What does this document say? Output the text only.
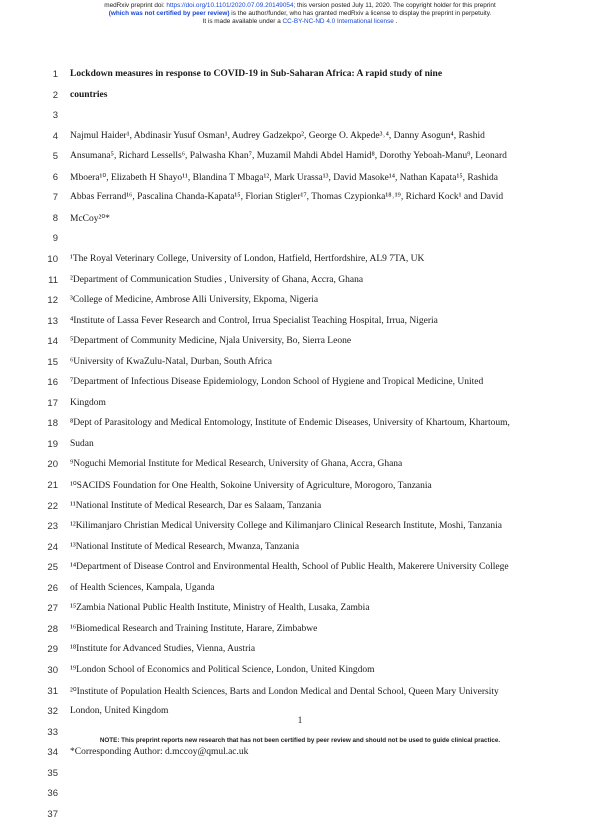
medRxiv preprint doi: https://doi.org/10.1101/2020.07.09.20149054; this version posted July 11, 2020. The copyright holder for this preprint
(which was not certified by peer review) is the author/funder, who has granted medRxiv a license to display the preprint in perpetuity.
It is made available under a CC-BY-NC-ND 4.0 International license .
1 Lockdown measures in response to COVID-19 in Sub-Saharan Africa: A rapid study of nine
2 countries
3
4 Najmul Haider¹, Abdinasir Yusuf Osman¹, Audrey Gadzekpo², George O. Akpede³˒⁴, Danny Asogun⁴, Rashid
5 Ansumana⁵, Richard Lessells⁶, Palwasha Khan⁷, Muzamil Mahdi Abdel Hamid⁸, Dorothy Yeboah-Manu⁹, Leonard
6 Mboera¹⁰, Elizabeth H Shayo¹¹, Blandina T Mbaga¹², Mark Urassa¹³, David Masoke¹⁴, Nathan Kapata¹⁵, Rashida
7 Abbas Ferrand¹⁶, Pascalina Chanda-Kapata¹⁵, Florian Stigler¹⁷, Thomas Czypionka¹⁸˒¹⁹, Richard Kock¹ and David
8 McCoy²⁰*
9
10 ¹The Royal Veterinary College, University of London, Hatfield, Hertfordshire, AL9 7TA, UK
11 ²Department of Communication Studies , University of Ghana, Accra, Ghana
12 ³College of Medicine, Ambrose Alli University, Ekpoma, Nigeria
13 ⁴Institute of Lassa Fever Research and Control, Irrua Specialist Teaching Hospital, Irrua, Nigeria
14 ⁵Department of Community Medicine, Njala University, Bo, Sierra Leone
15 ⁶University of KwaZulu-Natal, Durban, South Africa
16 ⁷Department of Infectious Disease Epidemiology, London School of Hygiene and Tropical Medicine, United
17 Kingdom
18 ⁸Dept of Parasitology and Medical Entomology, Institute of Endemic Diseases, University of Khartoum, Khartoum,
19 Sudan
20 ⁹Noguchi Memorial Institute for Medical Research, University of Ghana, Accra, Ghana
21 ¹⁰SACIDS Foundation for One Health, Sokoine University of Agriculture, Morogoro, Tanzania
22 ¹¹National Institute of Medical Research, Dar es Salaam, Tanzania
23 ¹²Kilimanjaro Christian Medical University College and Kilimanjaro Clinical Research Institute, Moshi, Tanzania
24 ¹³National Institute of Medical Research, Mwanza, Tanzania
25 ¹⁴Department of Disease Control and Environmental Health, School of Public Health, Makerere University College
26 of Health Sciences, Kampala, Uganda
27 ¹⁵Zambia National Public Health Institute, Ministry of Health, Lusaka, Zambia
28 ¹⁶Biomedical Research and Training Institute, Harare, Zimbabwe
29 ¹⁸Institute for Advanced Studies, Vienna, Austria
30 ¹⁹London School of Economics and Political Science, London, United Kingdom
31 ²⁰Institute of Population Health Sciences, Barts and London Medical and Dental School, Queen Mary University
32 London, United Kingdom
33
34 *Corresponding Author: d.mccoy@qmul.ac.uk
35
36
37
1
NOTE: This preprint reports new research that has not been certified by peer review and should not be used to guide clinical practice.
